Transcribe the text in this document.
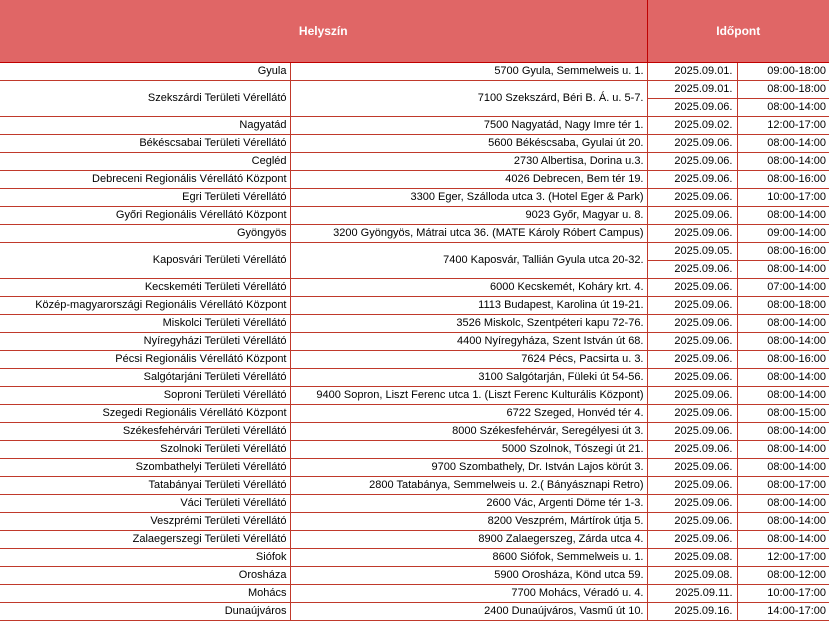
Helyszín		Időpont	
Gyula	5700 Gyula, Semmelweis u. 1.	2025.09.01.	09:00-18:00
Szekszárdi Területi Vérellátó	7100 Szekszárd, Béri B. Á. u. 5-7.	2025.09.01.	08:00-18:00
		2025.09.06.	08:00-14:00
Nagyatád	7500 Nagyatád, Nagy Imre tér 1.	2025.09.02.	12:00-17:00
Békéscsabai Területi Vérellátó	5600 Békéscsaba, Gyulai út 20.	2025.09.06.	08:00-14:00
Cegléd	2730 Albertisa, Dorina u.3.	2025.09.06.	08:00-14:00
Debreceni Regionális Vérellátó Központ	4026 Debrecen, Bem tér 19.	2025.09.06.	08:00-16:00
Egri Területi Vérellátó	3300 Eger, Szálloda utca 3. (Hotel Eger & Park)	2025.09.06.	10:00-17:00
Győri Regionális Vérellátó Központ	9023 Győr, Magyar u. 8.	2025.09.06.	08:00-14:00
Gyöngyös	3200 Gyöngyös, Mátrai utca 36. (MATE Károly Róbert Campus)	2025.09.06.	09:00-14:00
Kaposvári Területi Vérellátó	7400 Kaposvár, Tallián Gyula utca 20-32.	2025.09.05.	08:00-16:00
		2025.09.06.	08:00-14:00
Kecskeméti Területi Vérellátó	6000 Kecskemét, Koháry krt. 4.	2025.09.06.	07:00-14:00
Közép-magyarországi Regionális Vérellátó Központ	1113 Budapest, Karolina út 19-21.	2025.09.06.	08:00-18:00
Miskolci Területi Vérellátó	3526 Miskolc, Szentpéteri kapu 72-76.	2025.09.06.	08:00-14:00
Nyíregyházi Területi Vérellátó	4400 Nyíregyháza, Szent István út 68.	2025.09.06.	08:00-14:00
Pécsi Regionális Vérellátó Központ	7624 Pécs, Pacsirta u. 3.	2025.09.06.	08:00-16:00
Salgótarjáni Területi Vérellátó	3100 Salgótarján, Füleki út 54-56.	2025.09.06.	08:00-14:00
Soproni Területi Vérellátó	9400 Sopron, Liszt Ferenc utca 1. (Liszt Ferenc Kulturális Központ)	2025.09.06.	08:00-14:00
Szegedi Regionális Vérellátó Központ	6722 Szeged, Honvéd tér 4.	2025.09.06.	08:00-15:00
Székesfehérvári Területi Vérellátó	8000 Székesfehérvár, Seregélyesi út 3.	2025.09.06.	08:00-14:00
Szolnoki Területi Vérellátó	5000 Szolnok, Tószegi út 21.	2025.09.06.	08:00-14:00
Szombathelyi Területi Vérellátó	9700 Szombathely, Dr. István Lajos körút 3.	2025.09.06.	08:00-14:00
Tatabányai Területi Vérellátó	2800 Tatabánya, Semmelweis u. 2.( Bányásznapi Retro)	2025.09.06.	08:00-17:00
Váci Területi Vérellátó	2600 Vác, Argenti Döme tér 1-3.	2025.09.06.	08:00-14:00
Veszprémi Területi Vérellátó	8200 Veszprém, Mártírok útja 5.	2025.09.06.	08:00-14:00
Zalaegerszegi Területi Vérellátó	8900 Zalaegerszeg, Zárda utca 4.	2025.09.06.	08:00-14:00
Siófok	8600 Siófok, Semmelweis u. 1.	2025.09.08.	12:00-17:00
Orosháza	5900 Orosháza, Könd utca 59.	2025.09.08.	08:00-12:00
Mohács	7700 Mohács, Véradó u. 4.	2025.09.11.	10:00-17:00
Dunaújváros	2400 Dunaújváros, Vasmű út 10.	2025.09.16.	14:00-17:00
